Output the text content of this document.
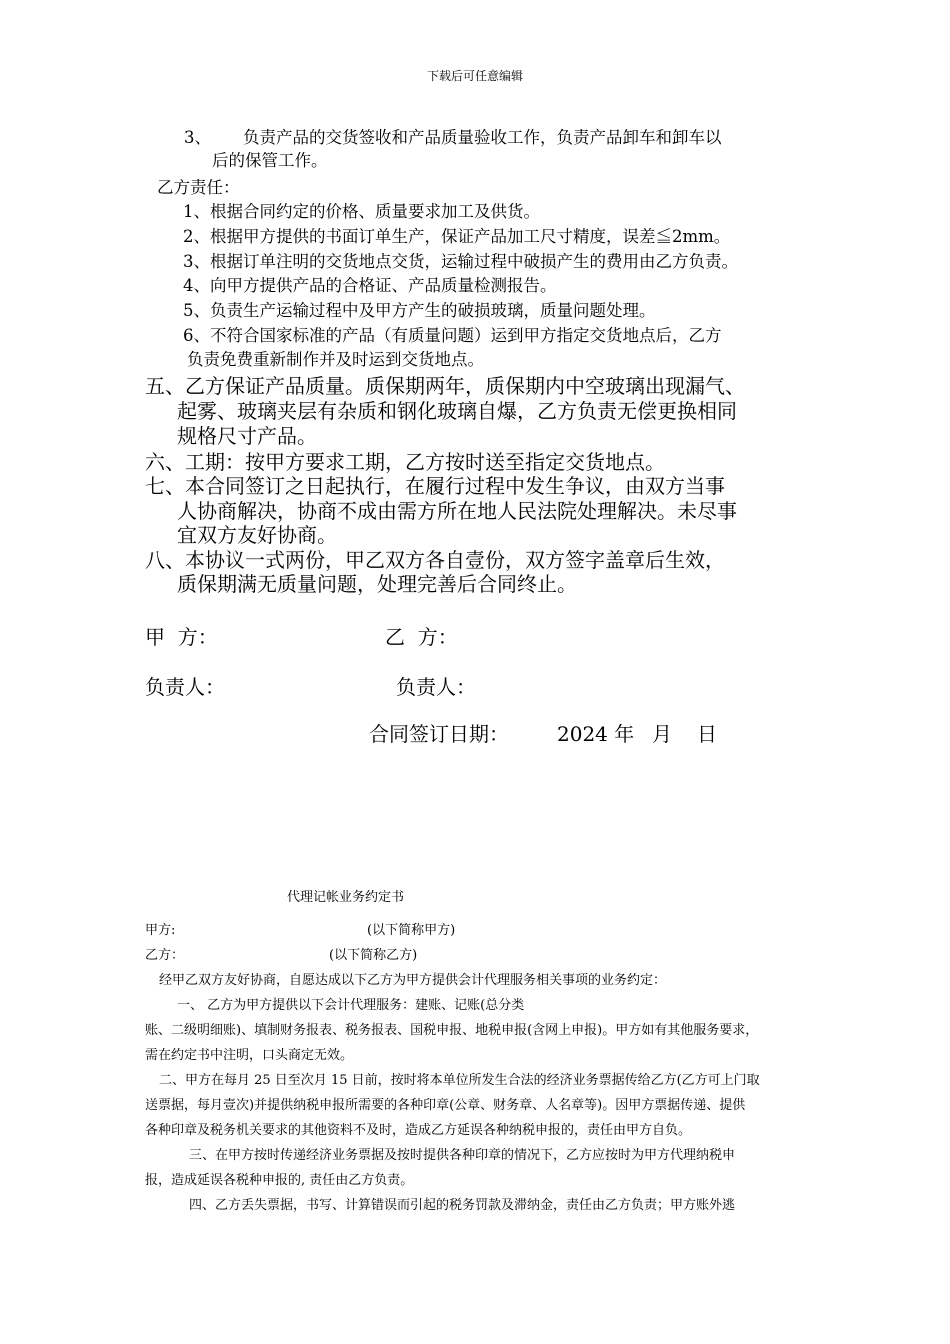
下载后可任意编辑
3、 负责产品的交货签收和产品质量验收工作，负责产品卸车和卸车以
后的保管工作。
乙方责任：
1、根据合同约定的价格、质量要求加工及供货。
2、根据甲方提供的书面订单生产，保证产品加工尺寸精度，误差≦2mm。
3、根据订单注明的交货地点交货，运输过程中破损产生的费用由乙方负责。
4、向甲方提供产品的合格证、产品质量检测报告。
5、负责生产运输过程中及甲方产生的破损玻璃，质量问题处理。
6、不符合国家标准的产品（有质量问题）运到甲方指定交货地点后，乙方
负责免费重新制作并及时运到交货地点。
五、乙方保证产品质量。质保期两年，质保期内中空玻璃出现漏气、
起雾、玻璃夹层有杂质和钢化玻璃自爆，乙方负责无偿更换相同
规格尺寸产品。
六、工期：按甲方要求工期，乙方按时送至指定交货地点。
七、本合同签订之日起执行，在履行过程中发生争议，由双方当事
人协商解决，协商不成由需方所在地人民法院处理解决。未尽事
宜双方友好协商。
八、本协议一式两份，甲乙双方各自壹份，双方签字盖章后生效，
质保期满无质量问题，处理完善后合同终止。
甲  方：	乙  方：
负责人：	负责人：
合同签订日期： 2024 年 月 日
代理记帐业务约定书
甲方:	(以下简称甲方)
乙方：	(以下简称乙方)
经甲乙双方友好协商，自愿达成以下乙方为甲方提供会计代理服务相关事项的业务约定：
一、 乙方为甲方提供以下会计代理服务：建账、记账(总分类
账、二级明细账)、填制财务报表、税务报表、国税申报、地税申报(含网上申报)。甲方如有其他服务要求，
需在约定书中注明，口头商定无效。
二、甲方在每月 25 日至次月 15 日前，按时将本单位所发生合法的经济业务票据传给乙方(乙方可上门取
送票据，每月壹次)并提供纳税申报所需要的各种印章(公章、财务章、人名章等)。因甲方票据传递、提供
各种印章及税务机关要求的其他资料不及时，造成乙方延误各种纳税申报的，责任由甲方自负。
三、在甲方按时传递经济业务票据及按时提供各种印章的情况下，乙方应按时为甲方代理纳税申
报，造成延误各税种申报的, 责任由乙方负责。
四、乙方丢失票据，书写、计算错误而引起的税务罚款及滞纳金，责任由乙方负责；甲方账外逃
